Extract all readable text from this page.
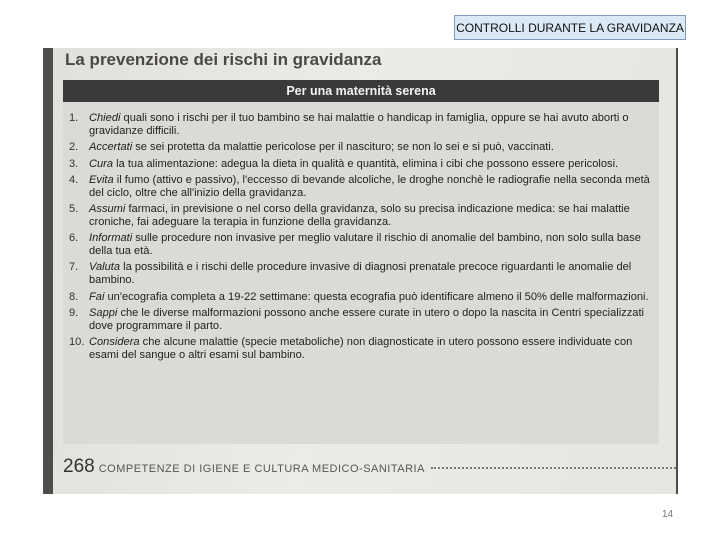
CONTROLLI DURANTE LA GRAVIDANZA
La prevenzione dei rischi in gravidanza
Per una maternità serena
1. Chiedi quali sono i rischi per il tuo bambino se hai malattie o handicap in famiglia, oppure se hai avuto aborti o gravidanze difficili.
2. Accertati se sei protetta da malattie pericolose per il nascituro; se non lo sei e si può, vaccinati.
3. Cura la tua alimentazione: adegua la dieta in qualità e quantità, elimina i cibi che possono essere pericolosi.
4. Evita il fumo (attivo e passivo), l'eccesso di bevande alcoliche, le droghe nonchè le radiografie nella seconda metà del ciclo, oltre che all'inizio della gravidanza.
5. Assumi farmaci, in previsione o nel corso della gravidanza, solo su precisa indicazione medica: se hai malattie croniche, fai adeguare la terapia in funzione della gravidanza.
6. Informati sulle procedure non invasive per meglio valutare il rischio di anomalie del bambino, non solo sulla base della tua età.
7. Valuta la possibilità e i rischi delle procedure invasive di diagnosi prenatale precoce riguardanti le anomalie del bambino.
8. Fai un'ecografia completa a 19-22 settimane: questa ecografia può identificare almeno il 50% delle malformazioni.
9. Sappi che le diverse malformazioni possono anche essere curate in utero o dopo la nascita in Centri specializzati dove programmare il parto.
10. Considera che alcune malattie (specie metaboliche) non diagnosticate in utero possono essere individuate con esami del sangue o altri esami sul bambino.
268 COMPETENZE DI IGIENE E CULTURA MEDICO-SANITARIA
14
